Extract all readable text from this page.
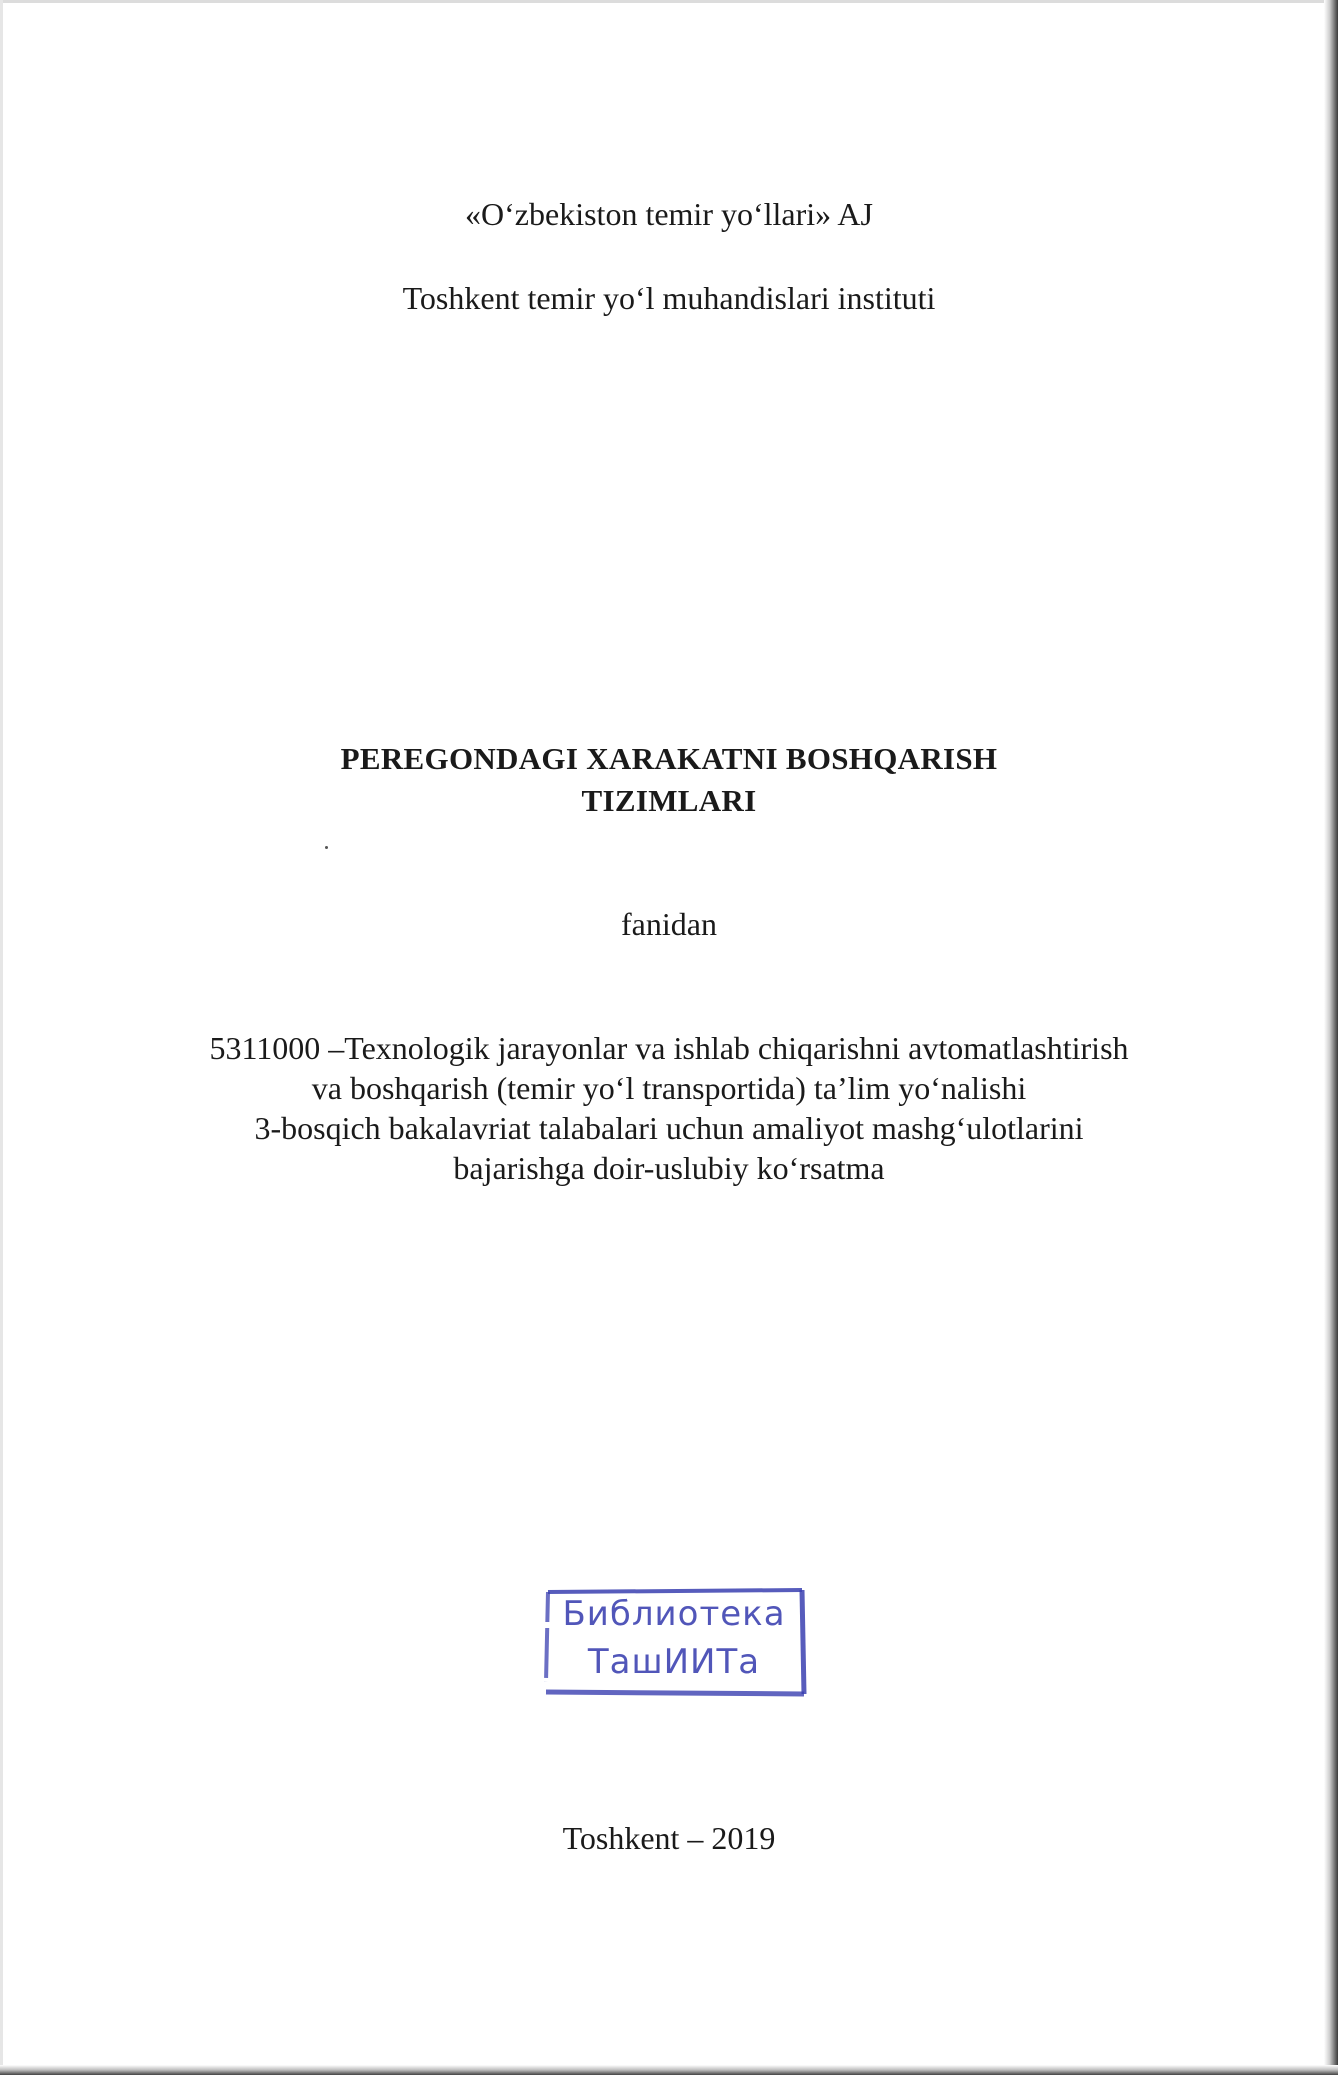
«O‘zbekiston temir yo‘llari» AJ
Toshkent temir yo‘l muhandislari instituti
PEREGONDAGI XARAKATNI BOSHQARISH
TIZIMLARI
fanidan
5311000 –Texnologik jarayonlar va ishlab chiqarishni avtomatlashtirish
va boshqarish (temir yo‘l transportida) ta’lim yo‘nalishi
3-bosqich bakalavriat talabalari uchun amaliyot mashg‘ulotlarini
bajarishga doir-uslubiy ko‘rsatma
Библиотека
ТашИИТа
Toshkent – 2019
